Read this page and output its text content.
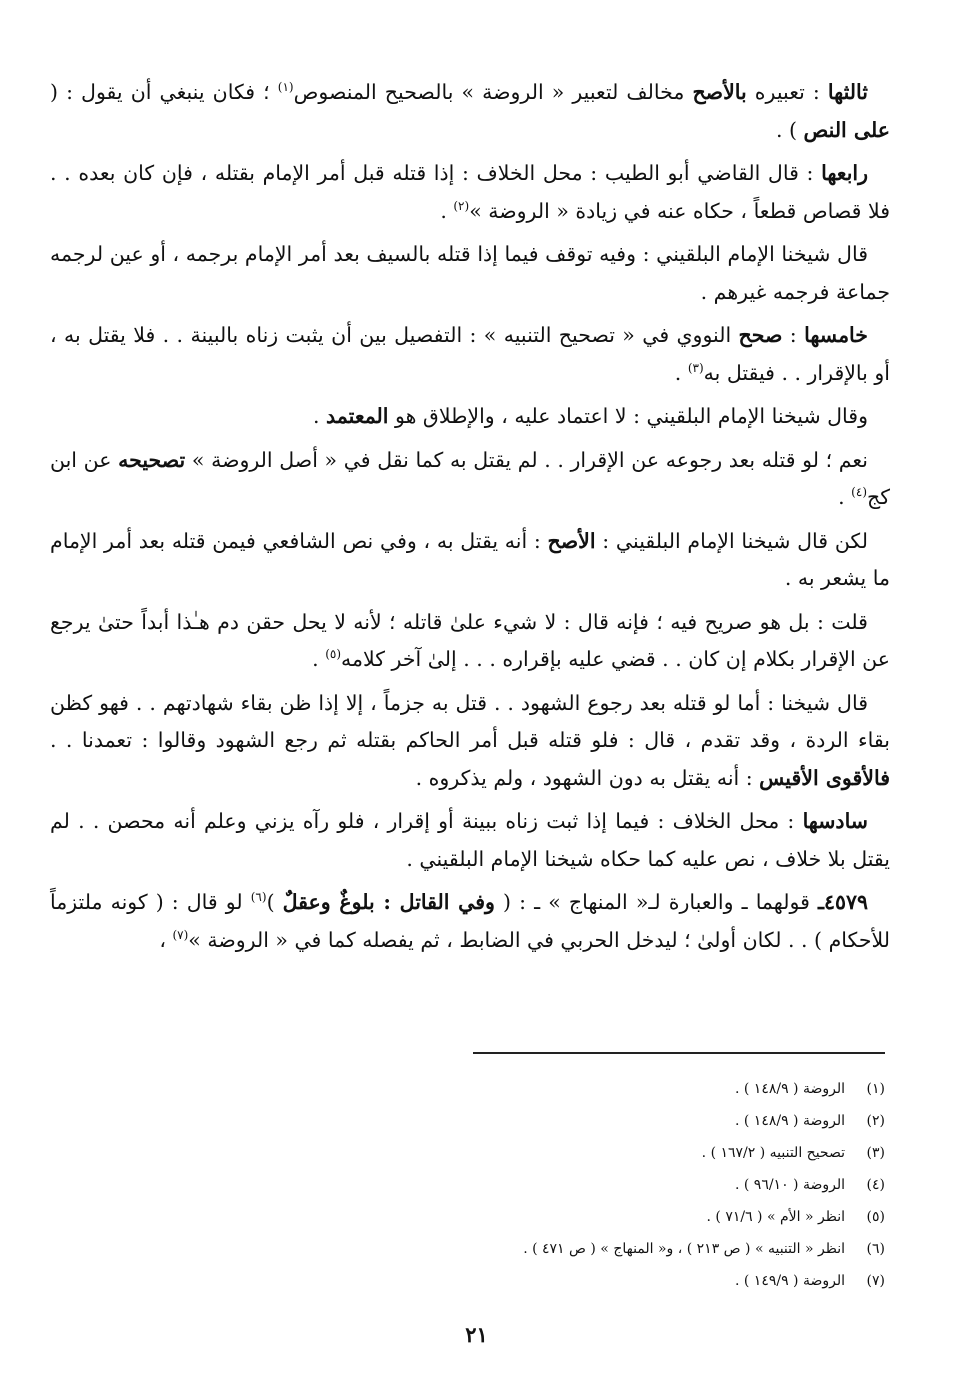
ثالثها : تعبيره بالأصح مخالف لتعبير « الروضة » بالصحيح المنصوص$^{(١)}$ ؛ فكان ينبغي أن يقول : ( على النص ) .

رابعها : قال القاضي أبو الطيب : محل الخلاف : إذا قتله قبل أمر الإمام بقتله ، فإن كان بعده . . فلا قصاص قطعاً ، حكاه عنه في زيادة « الروضة »$^{(٢)}$ .

قال شيخنا الإمام البلقيني : وفيه توقف فيما إذا قتله بالسيف بعد أمر الإمام برجمه ، أو عين لرجمه جماعة فرجمه غيرهم .

خامسها : صحح النووي في « تصحيح التنبيه » : التفصيل بين أن يثبت زناه بالبينة . . فلا يقتل به ، أو بالإقرار . . فيقتل به$^{(٣)}$ .

وقال شيخنا الإمام البلقيني : لا اعتماد عليه ، والإطلاق هو المعتمد .

نعم ؛ لو قتله بعد رجوعه عن الإقرار . . لم يقتل به كما نقل في « أصل الروضة » تصحيحه عن ابن كج$^{(٤)}$ .

لكن قال شيخنا الإمام البلقيني : الأصح : أنه يقتل به ، وفي نص الشافعي فيمن قتله بعد أمر الإمام ما يشعر به .

قلت : بل هو صريح فيه ؛ فإنه قال : لا شيء علىٰ قاتله ؛ لأنه لا يحل حقن دم هـٰذا أبداً حتىٰ يرجع عن الإقرار بكلام إن كان . . قضي عليه بإقراره . . . إلىٰ آخر كلامه$^{(٥)}$ .

قال شيخنا : أما لو قتله بعد رجوع الشهود . . قتل به جزماً ، إلا إذا ظن بقاء شهادتهم . . فهو كظن بقاء الردة ، وقد تقدم ، قال : فلو قتله قبل أمر الحاكم بقتله ثم رجع الشهود وقالوا : تعمدنا . . فالأقوى الأقيس : أنه يقتل به دون الشهود ، ولم يذكروه .

سادسها : محل الخلاف : فيما إذا ثبت زناه ببينة أو إقرار ، فلو رآه يزني وعلم أنه محصن . . لم يقتل بلا خلاف ، نص عليه كما حكاه شيخنا الإمام البلقيني .

٤٥٧٩ـ قولهما ـ والعبارة لـ« المنهاج » ـ : ( وفي القاتل : بلوغٌ وعقلٌ )$^{(٦)}$ لو قال : ( كونه ملتزماً للأحكام ) . . لكان أولىٰ ؛ ليدخل الحربي في الضابط ، ثم يفصله كما في « الروضة »$^{(٧)}$ ،

(١)الروضة ( ١٤٨/٩ ) .
(٢)الروضة ( ١٤٨/٩ ) .
(٣)تصحيح التنبيه ( ١٦٧/٢ ) .
(٤)الروضة ( ٩٦/١٠ ) .
(٥)انظر « الأم » ( ٧١/٦ ) .
(٦)انظر « التنبيه » ( ص ٢١٣ ) ، و« المنهاج » ( ص ٤٧١ ) .
(٧)الروضة ( ١٤٩/٩ ) .
٢١
